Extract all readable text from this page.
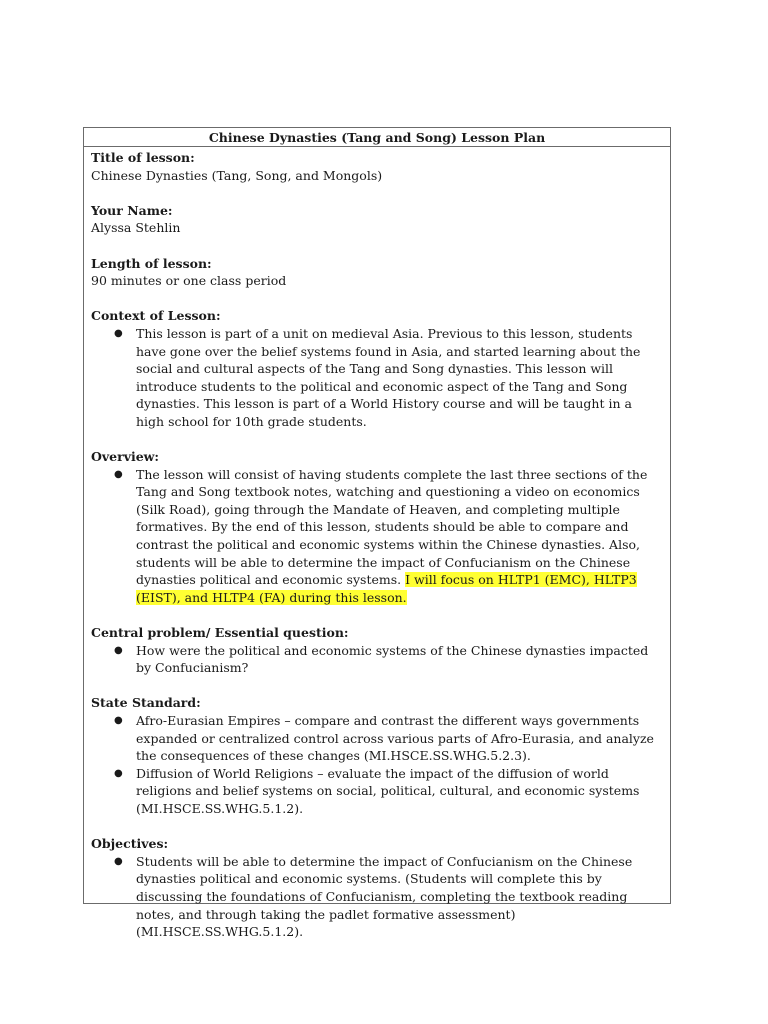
Chinese Dynasties (Tang and Song) Lesson Plan
Title of lesson:
Chinese Dynasties (Tang, Song, and Mongols)
Your Name:
Alyssa Stehlin
Length of lesson:
90 minutes or one class period
Context of Lesson:
● This lesson is part of a unit on medieval Asia. Previous to this lesson, students have gone over the belief systems found in Asia, and started learning about the social and cultural aspects of the Tang and Song dynasties. This lesson will introduce students to the political and economic aspect of the Tang and Song dynasties. This lesson is part of a World History course and will be taught in a high school for 10th grade students.
Overview:
● The lesson will consist of having students complete the last three sections of the Tang and Song textbook notes, watching and questioning a video on economics (Silk Road), going through the Mandate of Heaven, and completing multiple formatives. By the end of this lesson, students should be able to compare and contrast the political and economic systems within the Chinese dynasties. Also, students will be able to determine the impact of Confucianism on the Chinese dynasties political and economic systems. I will focus on HLTP1 (EMC), HLTP3 (EIST), and HLTP4 (FA) during this lesson.
Central problem/ Essential question:
● How were the political and economic systems of the Chinese dynasties impacted by Confucianism?
State Standard:
● Afro-Eurasian Empires – compare and contrast the different ways governments expanded or centralized control across various parts of Afro-Eurasia, and analyze the consequences of these changes (MI.HSCE.SS.WHG.5.2.3).
● Diffusion of World Religions – evaluate the impact of the diffusion of world religions and belief systems on social, political, cultural, and economic systems (MI.HSCE.SS.WHG.5.1.2).
Objectives:
● Students will be able to determine the impact of Confucianism on the Chinese dynasties political and economic systems. (Students will complete this by discussing the foundations of Confucianism, completing the textbook reading notes, and through taking the padlet formative assessment) (MI.HSCE.SS.WHG.5.1.2).
